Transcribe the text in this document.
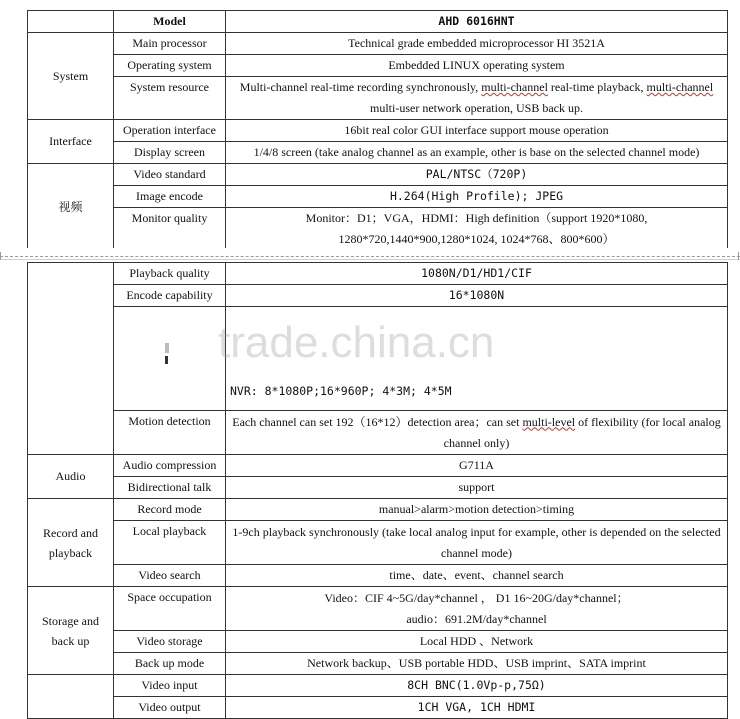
	Model	AHD 6016HNT
System	Main processor	Technical grade embedded microprocessor HI 3521A
	Operating system	Embedded LINUX operating system
	System resource	Multi-channel real-time recording synchronously, multi-channel real-time playback, multi-channel multi-user network operation, USB back up.
Interface	Operation interface	16bit real color GUI interface support mouse operation
	Display screen	1/4/8 screen (take analog channel as an example, other is base on the selected channel mode)
视频	Video standard	PAL/NTSC（720P)
	Image encode	H.264(High Profile); JPEG
	Monitor quality	Monitor：D1；VGA，HDMI：High definition（support 1920*1080, 1280*720,1440*900,1280*1024, 1024*768、800*600）
	Playback quality	1080N/D1/HD1/CIF
	Encode capability	16*1080N
		NVR: 8*1080P;16*960P; 4*3M; 4*5M
	Motion detection	Each channel can set 192（16*12）detection area；can set multi-level of flexibility (for local analog channel only)
Audio	Audio compression	G711A
	Bidirectional talk	support
Record and playback	Record mode	manual>alarm>motion detection>timing
	Local playback	1-9ch playback synchronously (take local analog input for example, other is depended on the selected channel mode)
	Video search	time、date、event、channel search
Storage and back up	Space occupation	Video：CIF 4~5G/day*channel ， D1 16~20G/day*channel；
audio：691.2M/day*channel

	Video storage	Local HDD 、Network
	Back up mode	Network backup、USB portable HDD、USB imprint、SATA imprint
	Video input	8CH BNC(1.0Vp-p,75Ω)
	Video output	1CH VGA, 1CH HDMI
trade.china.cn
